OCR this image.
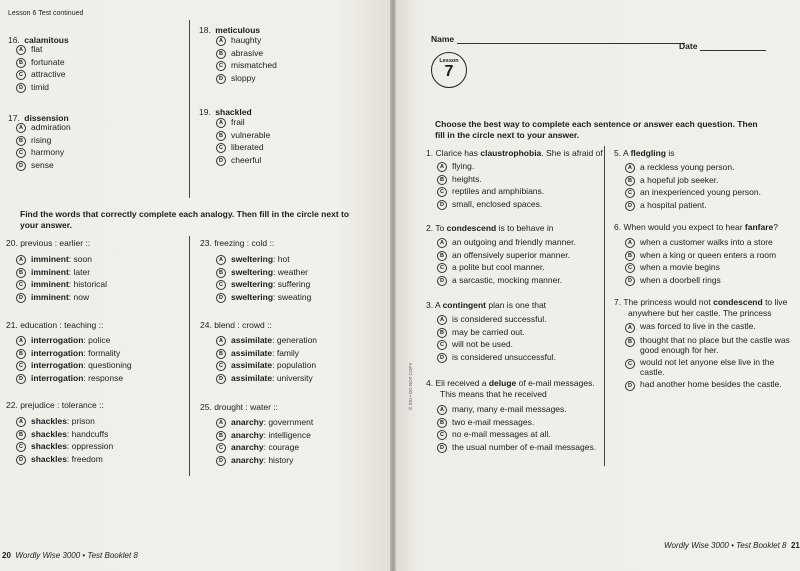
Lesson 6 Test continued
16. calamitous
A flat
B fortunate
C attractive
D timid
17. dissension
A admiration
B rising
C harmony
D sense
18. meticulous
A haughty
B abrasive
C mismatched
D sloppy
19. shackled
A frail
B vulnerable
C liberated
D cheerful
Find the words that correctly complete each analogy. Then fill in the circle next to your answer.
20. previous : earlier ::
A imminent : soon
B imminent : later
C imminent : historical
D imminent : now
21. education : teaching ::
A interrogation : police
B interrogation : formality
C interrogation : questioning
D interrogation : response
22. prejudice : tolerance ::
A shackles : prison
B shackles : handcuffs
C shackles : oppression
D shackles : freedom
23. freezing : cold ::
A sweltering : hot
B sweltering : weather
C sweltering : suffering
D sweltering : sweating
24. blend : crowd ::
A assimilate : generation
B assimilate : family
C assimilate : population
D assimilate : university
25. drought : water ::
A anarchy : government
B anarchy : intelligence
C anarchy : courage
D anarchy : history
20 Wordly Wise 3000 • Test Booklet 8
Name
Date
Lesson
7
Choose the best way to complete each sentence or answer each question. Then fill in the circle next to your answer.
© SSI • DO NOT COPY
1. Clarice has claustrophobia. She is afraid of
A flying.
B heights.
C reptiles and amphibians.
D small, enclosed spaces.
2. To condescend is to behave in
A an outgoing and friendly manner.
B an offensively superior manner.
C a polite but cool manner.
D a sarcastic, mocking manner.
3. A contingent plan is one that
A is considered successful.
B may be carried out.
C will not be used.
D is considered unsuccessful.
4. Eli received a deluge of e-mail messages.
This means that he received
A many, many e-mail messages.
B two e-mail messages.
C no e-mail messages at all.
D the usual number of e-mail messages.
5. A fledgling is
A a reckless young person.
B a hopeful job seeker.
C an inexperienced young person.
D a hospital patient.
6. When would you expect to hear fanfare?
A when a customer walks into a store
B when a king or queen enters a room
C when a movie begins
D when a doorbell rings
7. The princess would not condescend to live
anywhere but her castle. The princess
A was forced to live in the castle.
B thought that no place but the castle was good enough for her.
C would not let anyone else live in the castle.
D had another home besides the castle.
Wordly Wise 3000 • Test Booklet 8 21
